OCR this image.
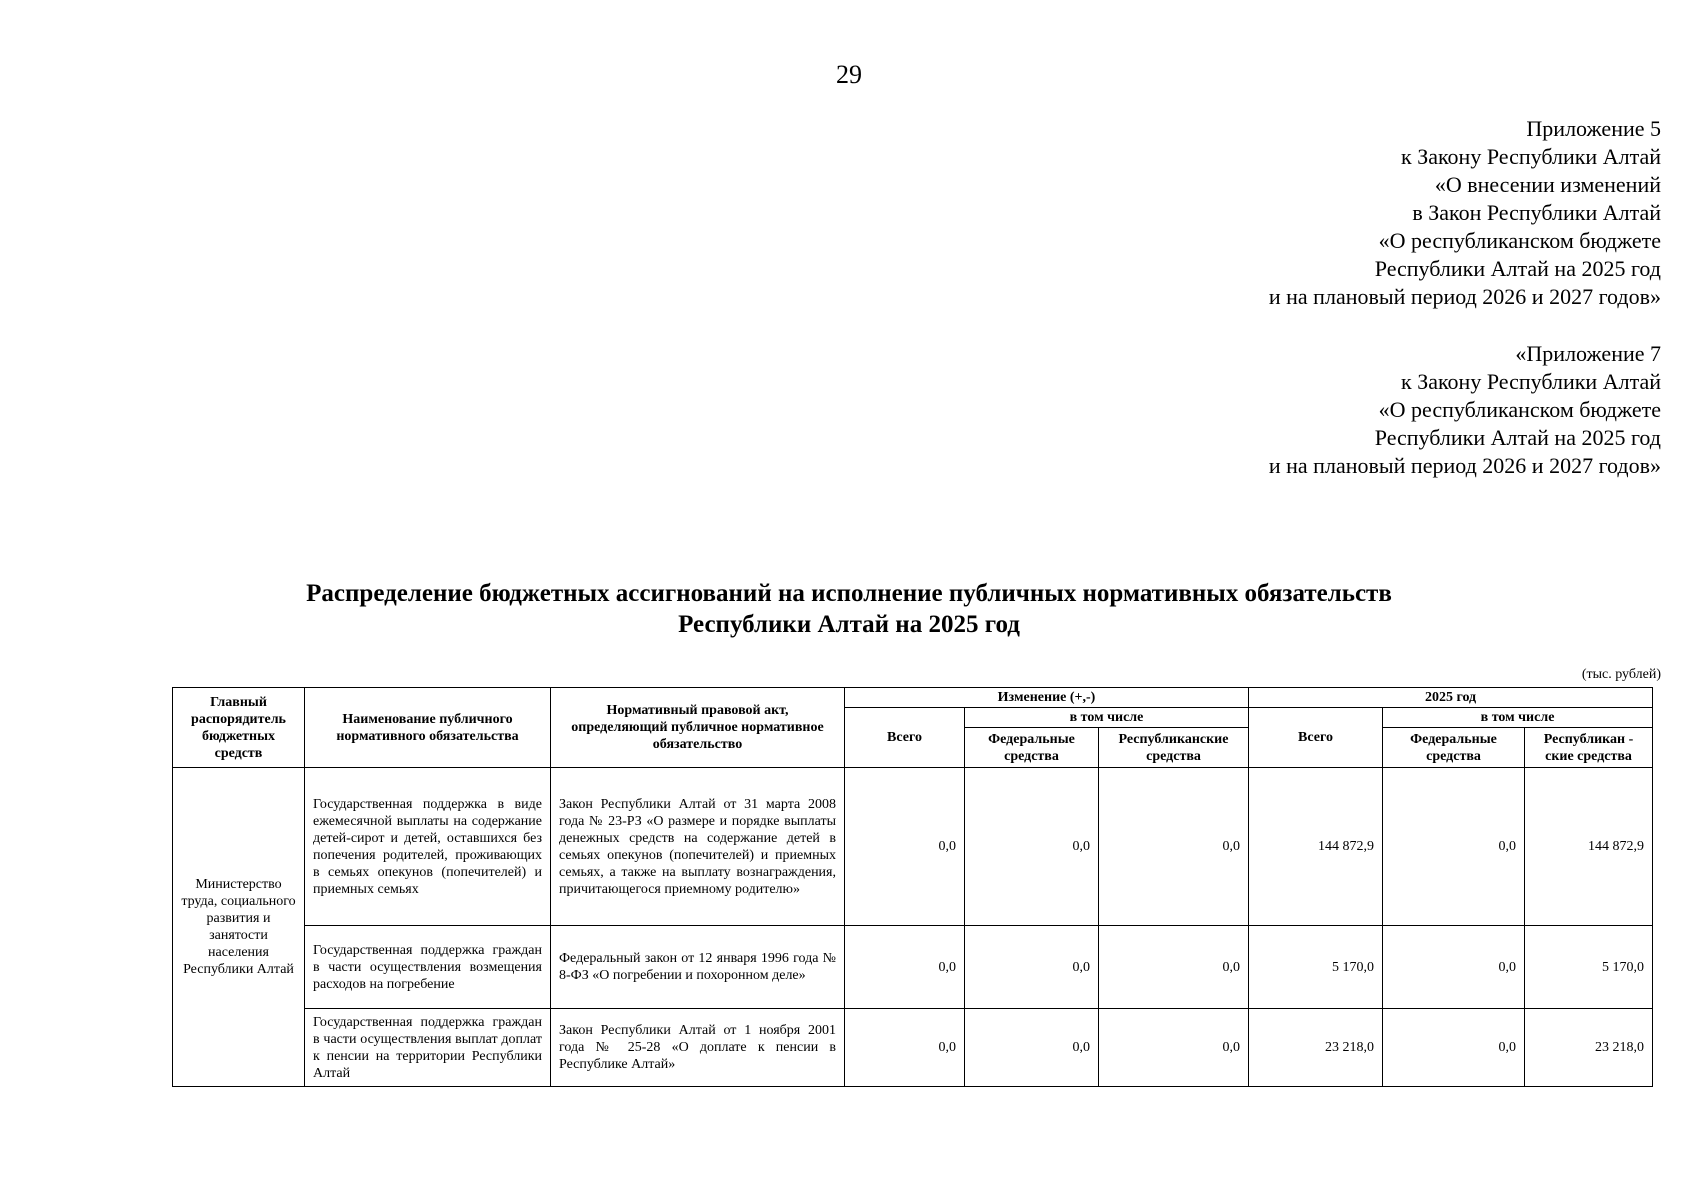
29
Приложение 5
к Закону Республики Алтай
«О внесении изменений
в Закон Республики Алтай
«О республиканском бюджете
Республики Алтай на 2025 год
и на плановый период 2026 и 2027 годов»
«Приложение 7
к Закону Республики Алтай
«О республиканском бюджете
Республики Алтай на 2025 год
и на плановый период 2026 и 2027 годов»
Распределение бюджетных ассигнований на исполнение публичных нормативных обязательств
Республики Алтай на 2025 год
(тыс. рублей)
Главный распорядитель бюджетных средств	Наименование публичного нормативного обязательства	Нормативный правовой акт, определяющий публичное нормативное обязательство	Изменение (+,-)			2025 год		
			Всего	в том числе		Всего	в том числе	
				Федеральные средства	Республиканские средства		Федеральные средства	Республикан - ские средства
Министерство труда, социального развития и занятости населения Республики Алтай	Государственная поддержка в виде ежемесячной выплаты на содержание детей-сирот и детей, оставшихся без попечения родителей, проживающих в семьях опекунов (попечителей) и приемных семьях	Закон Республики Алтай от 31 марта 2008 года № 23-РЗ «О размере и порядке выплаты денежных средств на содержание детей в семьях опекунов (попечителей) и приемных семьях, а также на выплату вознаграждения, причитающегося приемному родителю»	0,0	0,0	0,0	144 872,9	0,0	144 872,9
	Государственная поддержка граждан в части осуществления возмещения расходов на погребение	Федеральный закон от 12 января 1996 года № 8-ФЗ «О погребении и похоронном деле»	0,0	0,0	0,0	5 170,0	0,0	5 170,0
	Государственная поддержка граждан в части осуществления выплат доплат к пенсии на территории Республики Алтай	Закон Республики Алтай от 1 ноября 2001 года № 25-28 «О доплате к пенсии в Республике Алтай»	0,0	0,0	0,0	23 218,0	0,0	23 218,0
